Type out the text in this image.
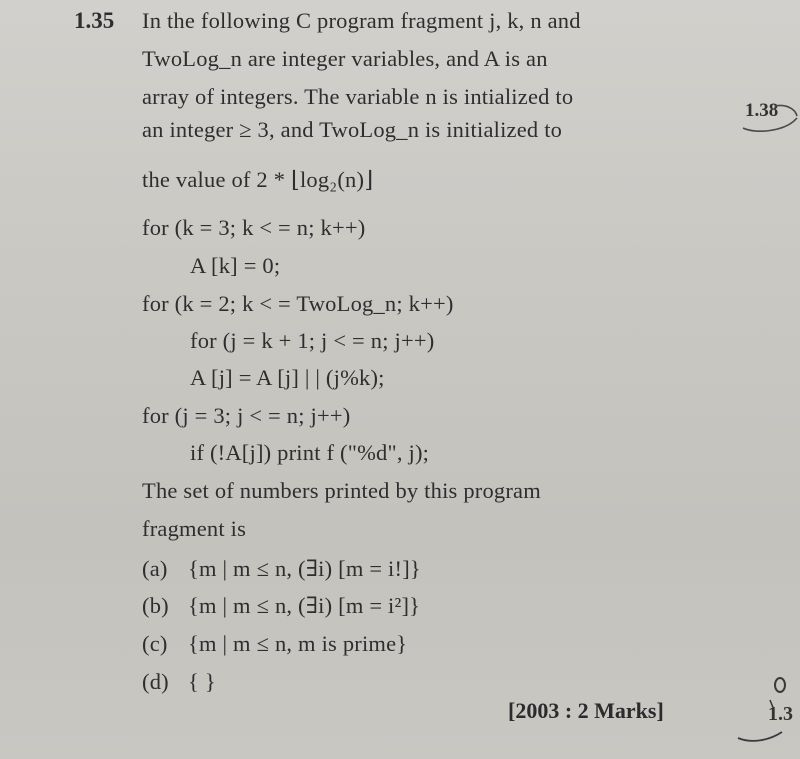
1.35 In the following C program fragment j, k, n and
TwoLog_n are integer variables, and A is an
array of integers. The variable n is intialized to
an integer ≥ 3, and TwoLog_n is initialized to
the value of 2 * ⌊log₂(n)⌋
for (k = 3; k < = n; k++)
A [k] = 0;
for (k = 2; k < = TwoLog_n; k++)
for (j = k + 1; j < = n; j++)
A [j] = A [j] | | (j%k);
for (j = 3; j < = n; j++)
if (!A[j]) print f ("%d", j);
The set of numbers printed by this program
fragment is
(a) {m | m ≤ n, (∃i) [m = i!]}
(b) {m | m ≤ n, (∃i) [m = i²]}
(c) {m | m ≤ n, m is prime}
(d) { }
[2003 : 2 Marks]
1.38
1.3
